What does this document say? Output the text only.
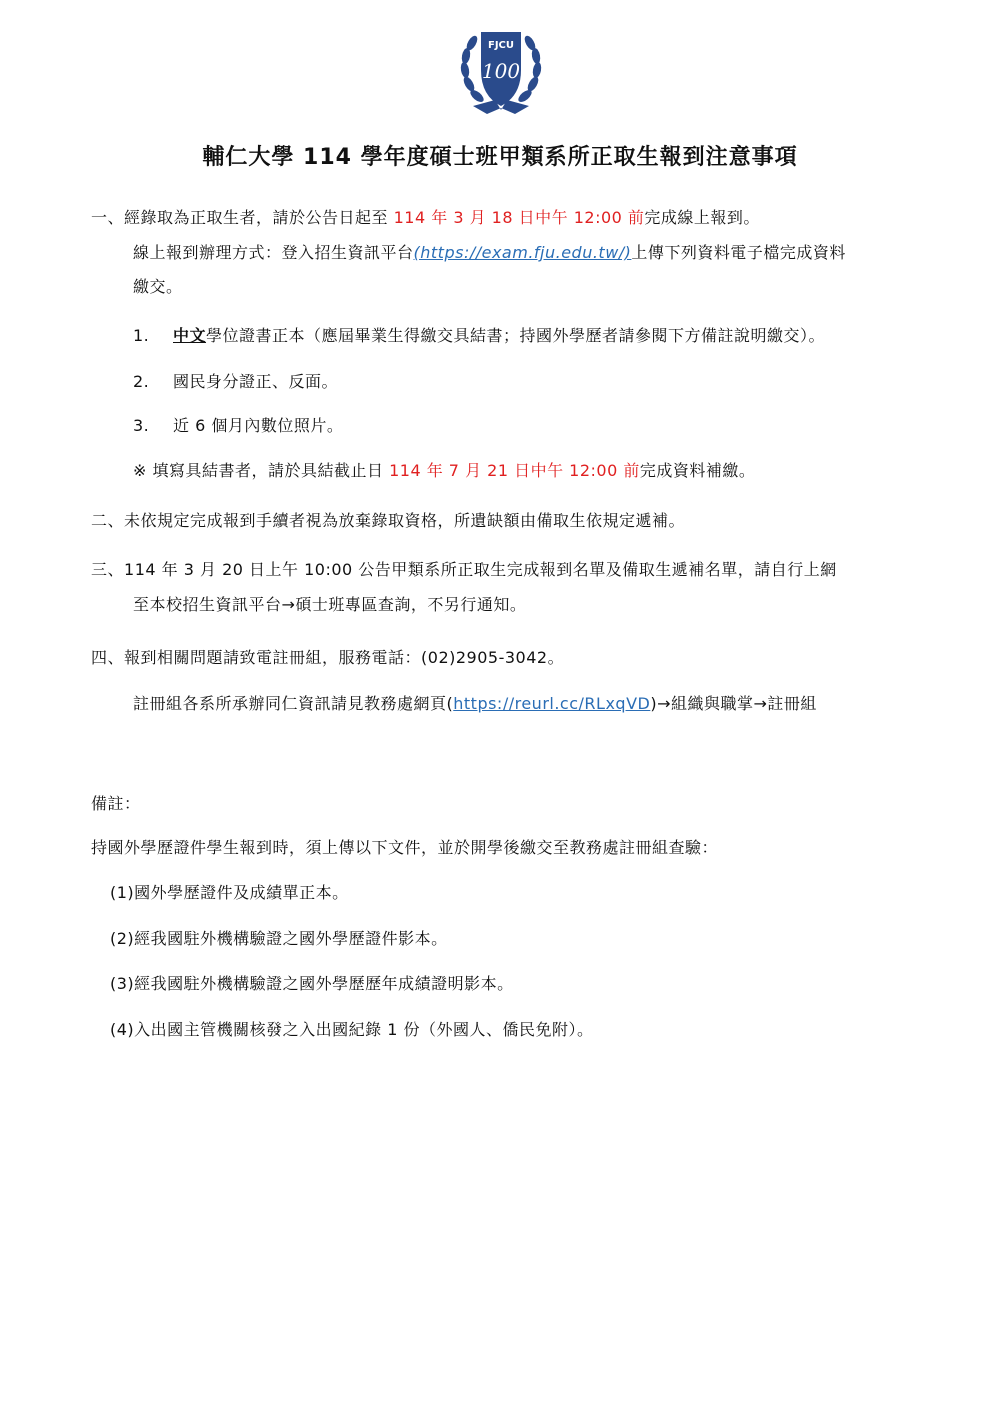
FJCU
100
輔仁大學 114 學年度碩士班甲類系所正取生報到注意事項
一、經錄取為正取生者，請於公告日起至 114 年 3 月 18 日中午 12:00 前完成線上報到。
線上報到辦理方式：登入招生資訊平台(https://exam.fju.edu.tw/)上傳下列資料電子檔完成資料
繳交。
1. 中文學位證書正本（應屆畢業生得繳交具結書；持國外學歷者請參閱下方備註說明繳交）。
2. 國民身分證正、反面。
3. 近 6 個月內數位照片。
※ 填寫具結書者，請於具結截止日 114 年 7 月 21 日中午 12:00 前完成資料補繳。
二、未依規定完成報到手續者視為放棄錄取資格，所遺缺額由備取生依規定遞補。
三、114 年 3 月 20 日上午 10:00 公告甲類系所正取生完成報到名單及備取生遞補名單，請自行上網
至本校招生資訊平台→碩士班專區查詢，不另行通知。
四、報到相關問題請致電註冊組，服務電話：(02)2905-3042。
註冊組各系所承辦同仁資訊請見教務處網頁(https://reurl.cc/RLxqVD)→組織與職掌→註冊組
備註：
持國外學歷證件學生報到時，須上傳以下文件，並於開學後繳交至教務處註冊組查驗：
(1)國外學歷證件及成績單正本。
(2)經我國駐外機構驗證之國外學歷證件影本。
(3)經我國駐外機構驗證之國外學歷歷年成績證明影本。
(4)入出國主管機關核發之入出國紀錄 1 份（外國人、僑民免附）。
